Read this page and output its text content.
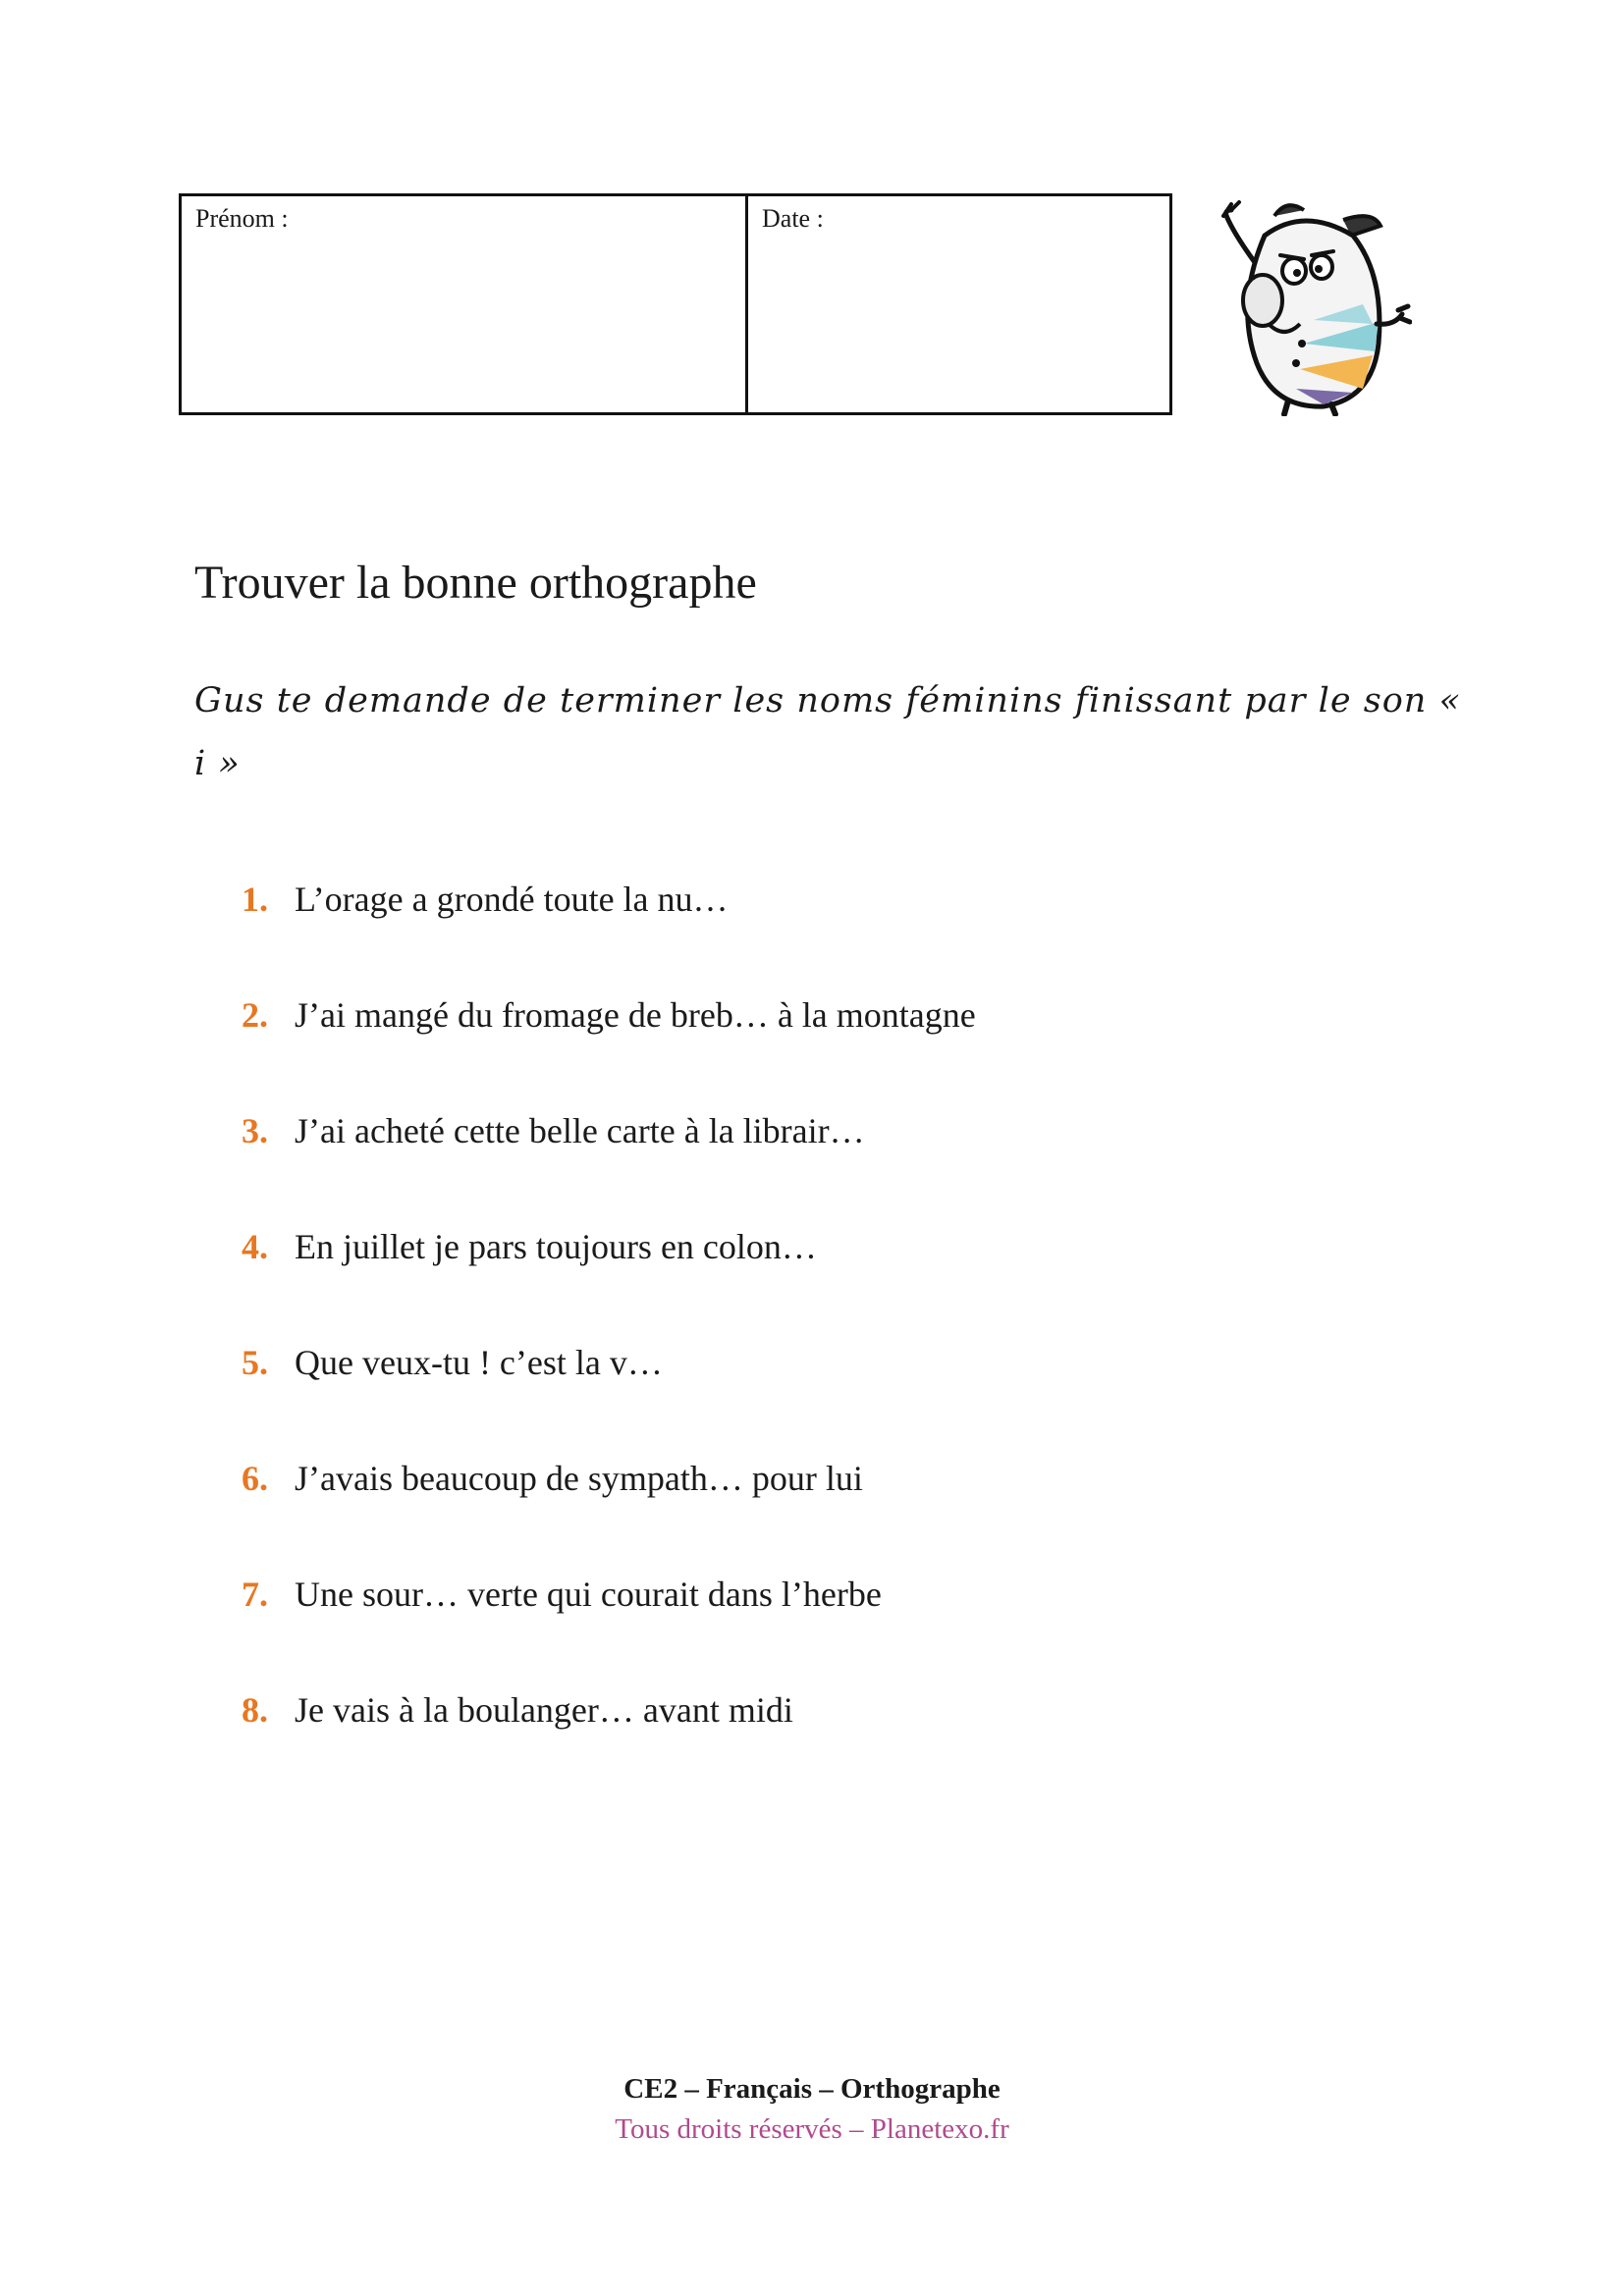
Prénom :	Date :
Trouver la bonne orthographe

Gus te demande de terminer les noms féminins finissant par le son « i »

1. L’orage a grondé toute la nu…
2. J’ai mangé du fromage de breb… à la montagne
3. J’ai acheté cette belle carte à la librair…
4. En juillet je pars toujours en colon…
5. Que veux-tu ! c’est la v…
6. J’avais beaucoup de sympath… pour lui
7. Une sour… verte qui courait dans l’herbe
8. Je vais à la boulanger… avant midi
CE2 – Français – Orthographe
Tous droits réservés – Planetexo.fr
